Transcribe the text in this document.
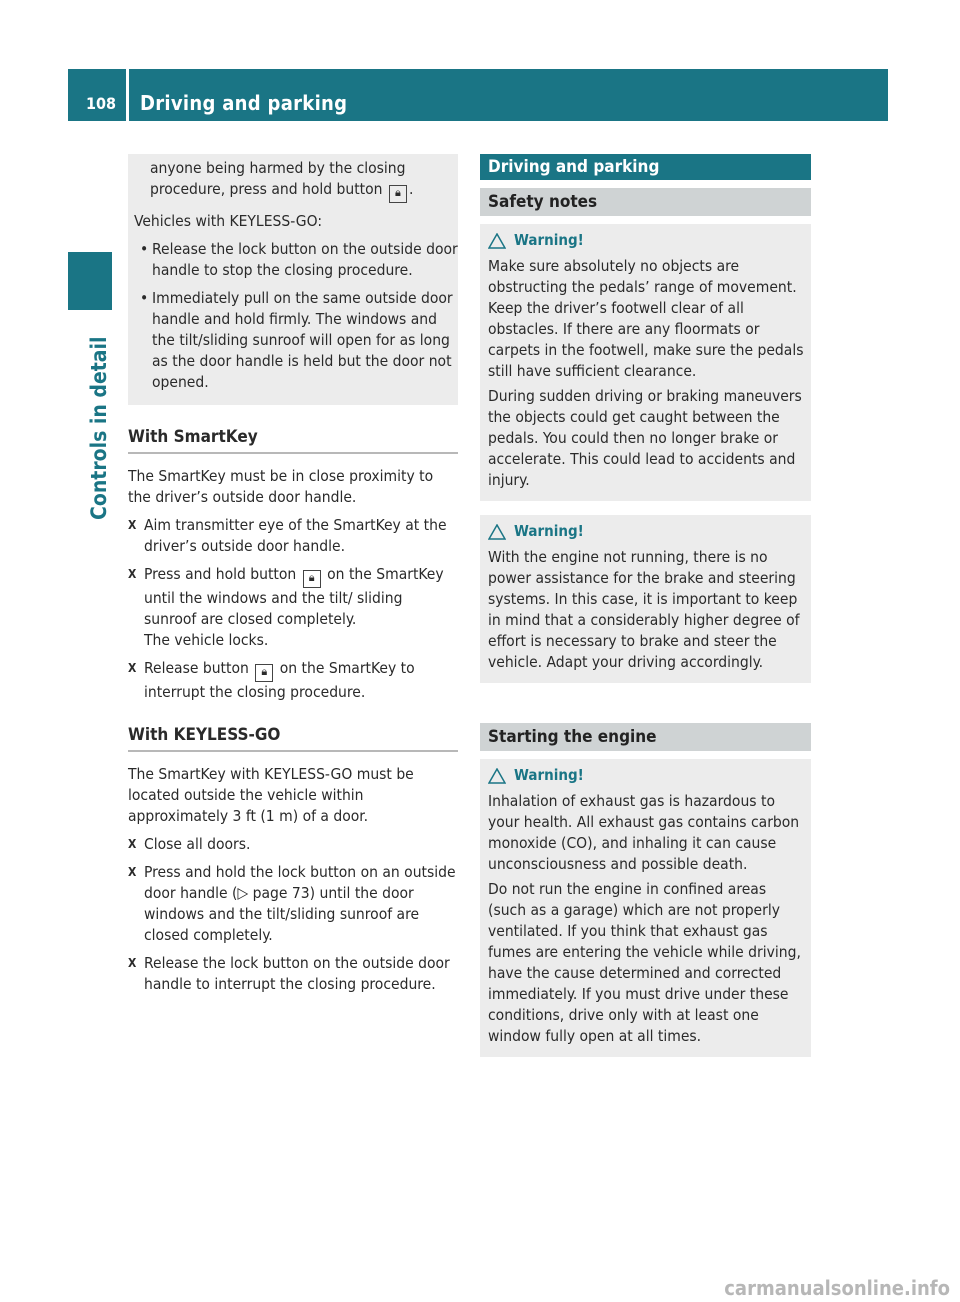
108 Driving and parking
Controls in detail
anyone being harmed by the closing
procedure, press and hold button 🔒︎ .
Vehicles with KEYLESS-GO:
• Release the lock button on the outside door handle to stop the closing procedure.
• Immediately pull on the same outside door handle and hold firmly. The windows and the tilt/sliding sunroof will open for as long as the door handle is held but the door not opened.
With SmartKey
The SmartKey must be in close proximity to the driver’s outside door handle.
X Aim transmitter eye of the SmartKey at the driver’s outside door handle.
X Press and hold button 🔒︎ on the SmartKey until the windows and the tilt/ sliding sunroof are closed completely.
The vehicle locks.
X Release button 🔒︎ on the SmartKey to interrupt the closing procedure.
With KEYLESS-GO
The SmartKey with KEYLESS-GO must be located outside the vehicle within approximately 3 ft (1 m) of a door.
X Close all doors.
X Press and hold the lock button on an outside door handle (▷ page 73) until the door windows and the tilt/sliding sunroof are closed completely.
X Release the lock button on the outside door handle to interrupt the closing procedure.
Driving and parking
Safety notes
Warning!

Make sure absolutely no objects are obstructing the pedals’ range of movement. Keep the driver’s footwell clear of all obstacles. If there are any floormats or carpets in the footwell, make sure the pedals still have sufficient clearance.

During sudden driving or braking maneuvers the objects could get caught between the pedals. You could then no longer brake or accelerate. This could lead to accidents and injury.

Warning!

With the engine not running, there is no power assistance for the brake and steering systems. In this case, it is important to keep in mind that a considerably higher degree of effort is necessary to brake and steer the vehicle. Adapt your driving accordingly.

Starting the engine
Warning!

Inhalation of exhaust gas is hazardous to your health. All exhaust gas contains carbon monoxide (CO), and inhaling it can cause unconsciousness and possible death.

Do not run the engine in confined areas (such as a garage) which are not properly ventilated. If you think that exhaust gas fumes are entering the vehicle while driving, have the cause determined and corrected immediately. If you must drive under these conditions, drive only with at least one window fully open at all times.

carmanualsonline.info
